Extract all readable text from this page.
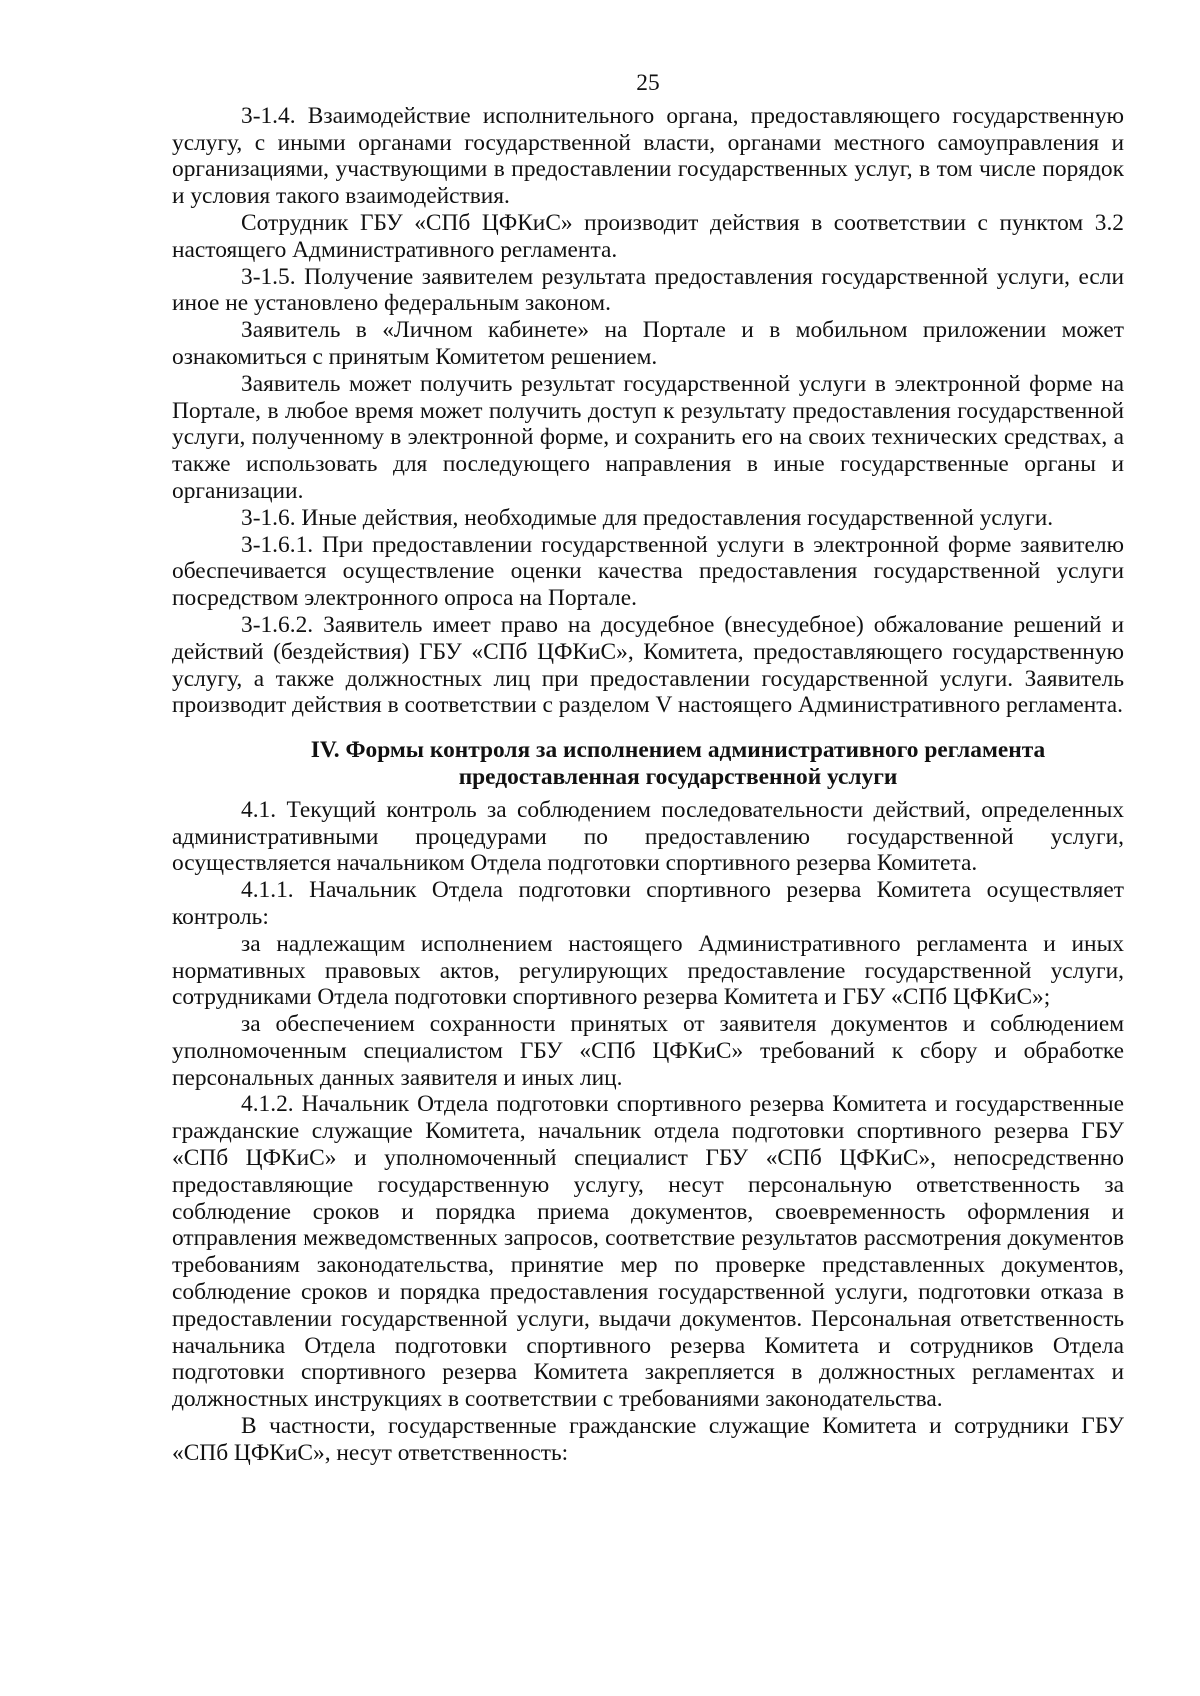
25

3-1.4. Взаимодействие исполнительного органа, предоставляющего государственную услугу, с иными органами государственной власти, органами местного самоуправления и организациями, участвующими в предоставлении государственных услуг, в том числе порядок и условия такого взаимодействия.

Сотрудник ГБУ «СПб ЦФКиС» производит действия в соответствии с пунктом 3.2 настоящего Административного регламента.

3-1.5. Получение заявителем результата предоставления государственной услуги, если иное не установлено федеральным законом.

Заявитель в «Личном кабинете» на Портале и в мобильном приложении может ознакомиться с принятым Комитетом решением.

Заявитель может получить результат государственной услуги в электронной форме на Портале, в любое время может получить доступ к результату предоставления государственной услуги, полученному в электронной форме, и сохранить его на своих технических средствах, а также использовать для последующего направления в иные государственные органы и организации.

3-1.6. Иные действия, необходимые для предоставления государственной услуги.

3-1.6.1. При предоставлении государственной услуги в электронной форме заявителю обеспечивается осуществление оценки качества предоставления государственной услуги посредством электронного опроса на Портале.

3-1.6.2. Заявитель имеет право на досудебное (внесудебное) обжалование решений и действий (бездействия) ГБУ «СПб ЦФКиС», Комитета, предоставляющего государственную услугу, а также должностных лиц при предоставлении государственной услуги. Заявитель производит действия в соответствии с разделом V настоящего Административного регламента.

IV. Формы контроля за исполнением административного регламента
предоставленная государственной услуги

4.1. Текущий контроль за соблюдением последовательности действий, определенных административными процедурами по предоставлению государственной услуги, осуществляется начальником Отдела подготовки спортивного резерва Комитета.

4.1.1. Начальник Отдела подготовки спортивного резерва Комитета осуществляет контроль:

за надлежащим исполнением настоящего Административного регламента и иных нормативных правовых актов, регулирующих предоставление государственной услуги, сотрудниками Отдела подготовки спортивного резерва Комитета и ГБУ «СПб ЦФКиС»;

за обеспечением сохранности принятых от заявителя документов и соблюдением уполномоченным специалистом ГБУ «СПб ЦФКиС» требований к сбору и обработке персональных данных заявителя и иных лиц.

4.1.2. Начальник Отдела подготовки спортивного резерва Комитета и государственные гражданские служащие Комитета, начальник отдела подготовки спортивного резерва ГБУ «СПб ЦФКиС» и уполномоченный специалист ГБУ «СПб ЦФКиС», непосредственно предоставляющие государственную услугу, несут персональную ответственность за соблюдение сроков и порядка приема документов, своевременность оформления и отправления межведомственных запросов, соответствие результатов рассмотрения документов требованиям законодательства, принятие мер по проверке представленных документов, соблюдение сроков и порядка предоставления государственной услуги, подготовки отказа в предоставлении государственной услуги, выдачи документов. Персональная ответственность начальника Отдела подготовки спортивного резерва Комитета и сотрудников Отдела подготовки спортивного резерва Комитета закрепляется в должностных регламентах и должностных инструкциях в соответствии с требованиями законодательства.

В частности, государственные гражданские служащие Комитета и сотрудники ГБУ «СПб ЦФКиС», несут ответственность:
